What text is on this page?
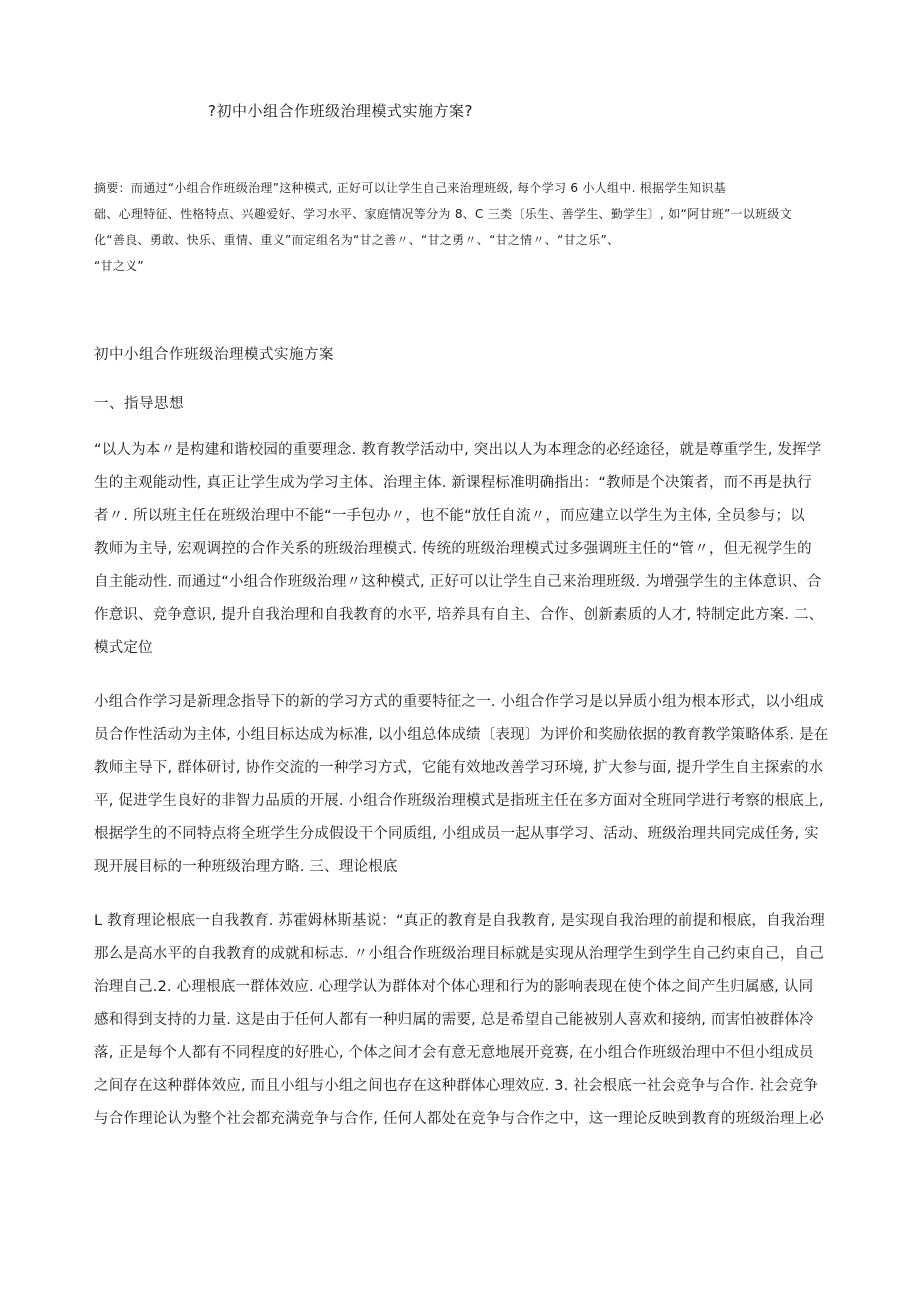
?初中小组合作班级治理模式实施方案?
摘要：而通过“小组合作班级治理”这种模式, 正好可以让学生自己来治理班级, 每个学习 6 小人组中. 根据学生知识基
础、心理特征、性格特点、兴趣爱好、学习水平、家庭情况等分为 8、C 三类〔乐生、善学生、勤学生〕, 如“阿甘班”一以班级文
化“善良、勇敢、快乐、重情、重义”而定组名为“甘之善〃、“甘之勇〃、“甘之情〃、“甘之乐”、
“甘之义”
初中小组合作班级治理模式实施方案
一、指导思想
“以人为本〃是构建和谐校园的重要理念. 教育教学活动中, 突出以人为本理念的必经途径，就是尊重学生, 发挥学
生的主观能动性, 真正让学生成为学习主体、治理主体. 新课程标准明确指出：“教师是个决策者，而不再是执行
者〃. 所以班主任在班级治理中不能“一手包办〃，也不能“放任自流〃，而应建立以学生为主体, 全员参与；以
教师为主导, 宏观调控的合作关系的班级治理模式. 传统的班级治理模式过多强调班主任的“管〃，但无视学生的
自主能动性. 而通过“小组合作班级治理〃这种模式, 正好可以让学生自己来治理班级. 为增强学生的主体意识、合
作意识、竞争意识, 提升自我治理和自我教育的水平, 培养具有自主、合作、创新素质的人才, 特制定此方案. 二、
模式定位
小组合作学习是新理念指导下的新的学习方式的重要特征之一. 小组合作学习是以异质小组为根本形式，以小组成
员合作性活动为主体, 小组目标达成为标准, 以小组总体成绩〔表现〕为评价和奖励依据的教育教学策略体系. 是在
教师主导下, 群体研讨, 协作交流的一种学习方式，它能有效地改善学习环境, 扩大参与面, 提升学生自主探索的水
平, 促进学生良好的非智力品质的开展. 小组合作班级治理模式是指班主任在多方面对全班同学进行考察的根底上,
根据学生的不同特点将全班学生分成假设干个同质组, 小组成员一起从事学习、活动、班级治理共同完成任务, 实
现开展目标的一种班级治理方略. 三、理论根底
L 教育理论根底一自我教育. 苏霍姆林斯基说：“真正的教育是自我教育, 是实现自我治理的前提和根底，自我治理
那么是高水平的自我教育的成就和标志. 〃小组合作班级治理目标就是实现从治理学生到学生自己约束自己，自己
治理自己.2. 心理根底一群体效应. 心理学认为群体对个体心理和行为的影响表现在使个体之间产生归属感, 认同
感和得到支持的力量. 这是由于任何人都有一种归属的需要, 总是希望自己能被别人喜欢和接纳, 而害怕被群体冷
落, 正是每个人都有不同程度的好胜心, 个体之间才会有意无意地展开竞赛, 在小组合作班级治理中不但小组成员
之间存在这种群体效应, 而且小组与小组之间也存在这种群体心理效应. 3. 社会根底一社会竞争与合作. 社会竞争
与合作理论认为整个社会都充满竞争与合作, 任何人都处在竞争与合作之中，这一理论反映到教育的班级治理上必
